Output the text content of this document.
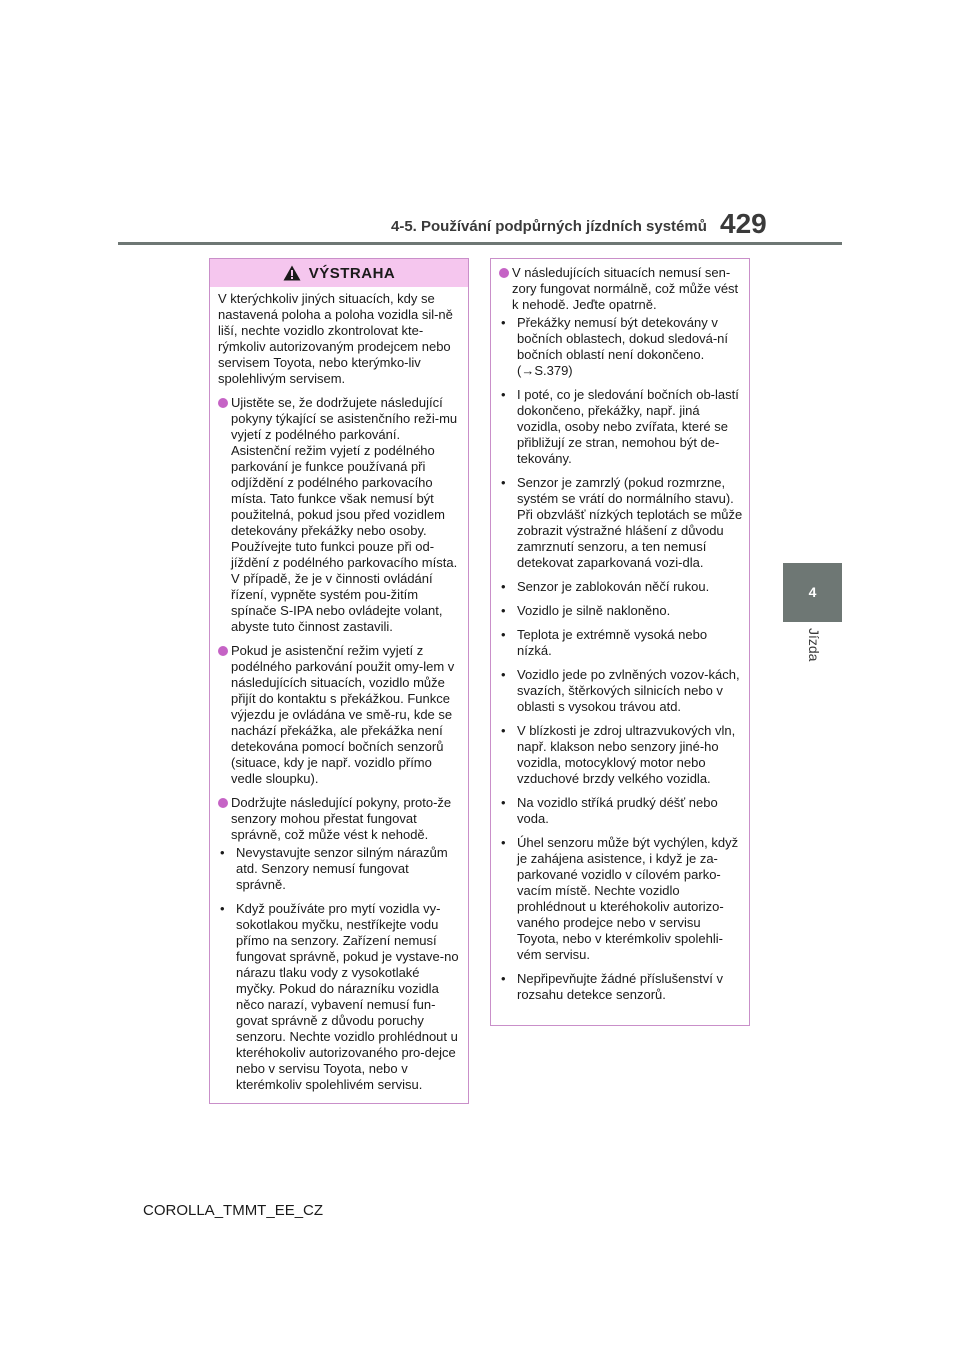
4-5. Používání podpůrných jízdních systémů 429
4
Jízda
VÝSTRAHA

V kterýchkoliv jiných situacích, kdy se nastavená poloha a poloha vozidla sil-ně liší, nechte vozidlo zkontrolovat kte-rýmkoliv autorizovaným prodejcem nebo servisem Toyota, nebo kterýmko-liv spolehlivým servisem.

Ujistěte se, že dodržujete následující pokyny týkající se asistenčního reži-mu vyjetí z podélného parkování. Asistenční režim vyjetí z podélného parkování je funkce používaná při odjíždění z podélného parkovacího místa. Tato funkce však nemusí být použitelná, pokud jsou před vozidlem detekovány překážky nebo osoby. Používejte tuto funkci pouze při od-jíždění z podélného parkovacího místa. V případě, že je v činnosti ovládání řízení, vypněte systém pou-žitím spínače S-IPA nebo ovládejte volant, abyste tuto činnost zastavili.
Pokud je asistenční režim vyjetí z podélného parkování použit omy-lem v následujících situacích, vozidlo může přijít do kontaktu s překážkou. Funkce výjezdu je ovládána ve smě-ru, kde se nachází překážka, ale překážka není detekována pomocí bočních senzorů (situace, kdy je např. vozidlo přímo vedle sloupku).
Dodržujte následující pokyny, proto-že senzory mohou přestat fungovat správně, což může vést k nehodě.
• Nevystavujte senzor silným nárazům atd. Senzory nemusí fungovat správně.
• Když používáte pro mytí vozidla vy-sokotlakou myčku, nestříkejte vodu přímo na senzory. Zařízení nemusí fungovat správně, pokud je vystave-no nárazu tlaku vody z vysokotlaké myčky. Pokud do nárazníku vozidla něco narazí, vybavení nemusí fun-govat správně z důvodu poruchy senzoru. Nechte vozidlo prohlédnout u kteréhokoliv autorizovaného pro-dejce nebo v servisu Toyota, nebo v kterémkoliv spolehlivém servisu.
V následujících situacích nemusí sen-zory fungovat normálně, což může vést k nehodě. Jeďte opatrně.
• Překážky nemusí být detekovány v bočních oblastech, dokud sledová-ní bočních oblastí není dokončeno. (→S.379)
• I poté, co je sledování bočních ob-lastí dokončeno, překážky, např. jiná vozidla, osoby nebo zvířata, které se přibližují ze stran, nemohou být de-tekovány.
• Senzor je zamrzlý (pokud rozmrzne, systém se vrátí do normálního stavu). Při obzvlášť nízkých teplotách se může zobrazit výstražné hlášení z důvodu zamrznutí senzoru, a ten nemusí detekovat zaparkovaná vozi-dla.
• Senzor je zablokován něčí rukou.
• Vozidlo je silně nakloněno.
• Teplota je extrémně vysoká nebo nízká.
• Vozidlo jede po zvlněných vozov-kách, svazích, štěrkových silnicích nebo v oblasti s vysokou trávou atd.
• V blízkosti je zdroj ultrazvukových vln, např. klakson nebo senzory jiné-ho vozidla, motocyklový motor nebo vzduchové brzdy velkého vozidla.
• Na vozidlo stříká prudký déšť nebo voda.
• Úhel senzoru může být vychýlen, když je zahájena asistence, i když je za-parkované vozidlo v cílovém parko-vacím místě. Nechte vozidlo prohlédnout u kteréhokoliv autorizo-vaného prodejce nebo v servisu Toyota, nebo v kterémkoliv spolehli-vém servisu.
• Nepřipevňujte žádné příslušenství v rozsahu detekce senzorů.
COROLLA_TMMT_EE_CZ
